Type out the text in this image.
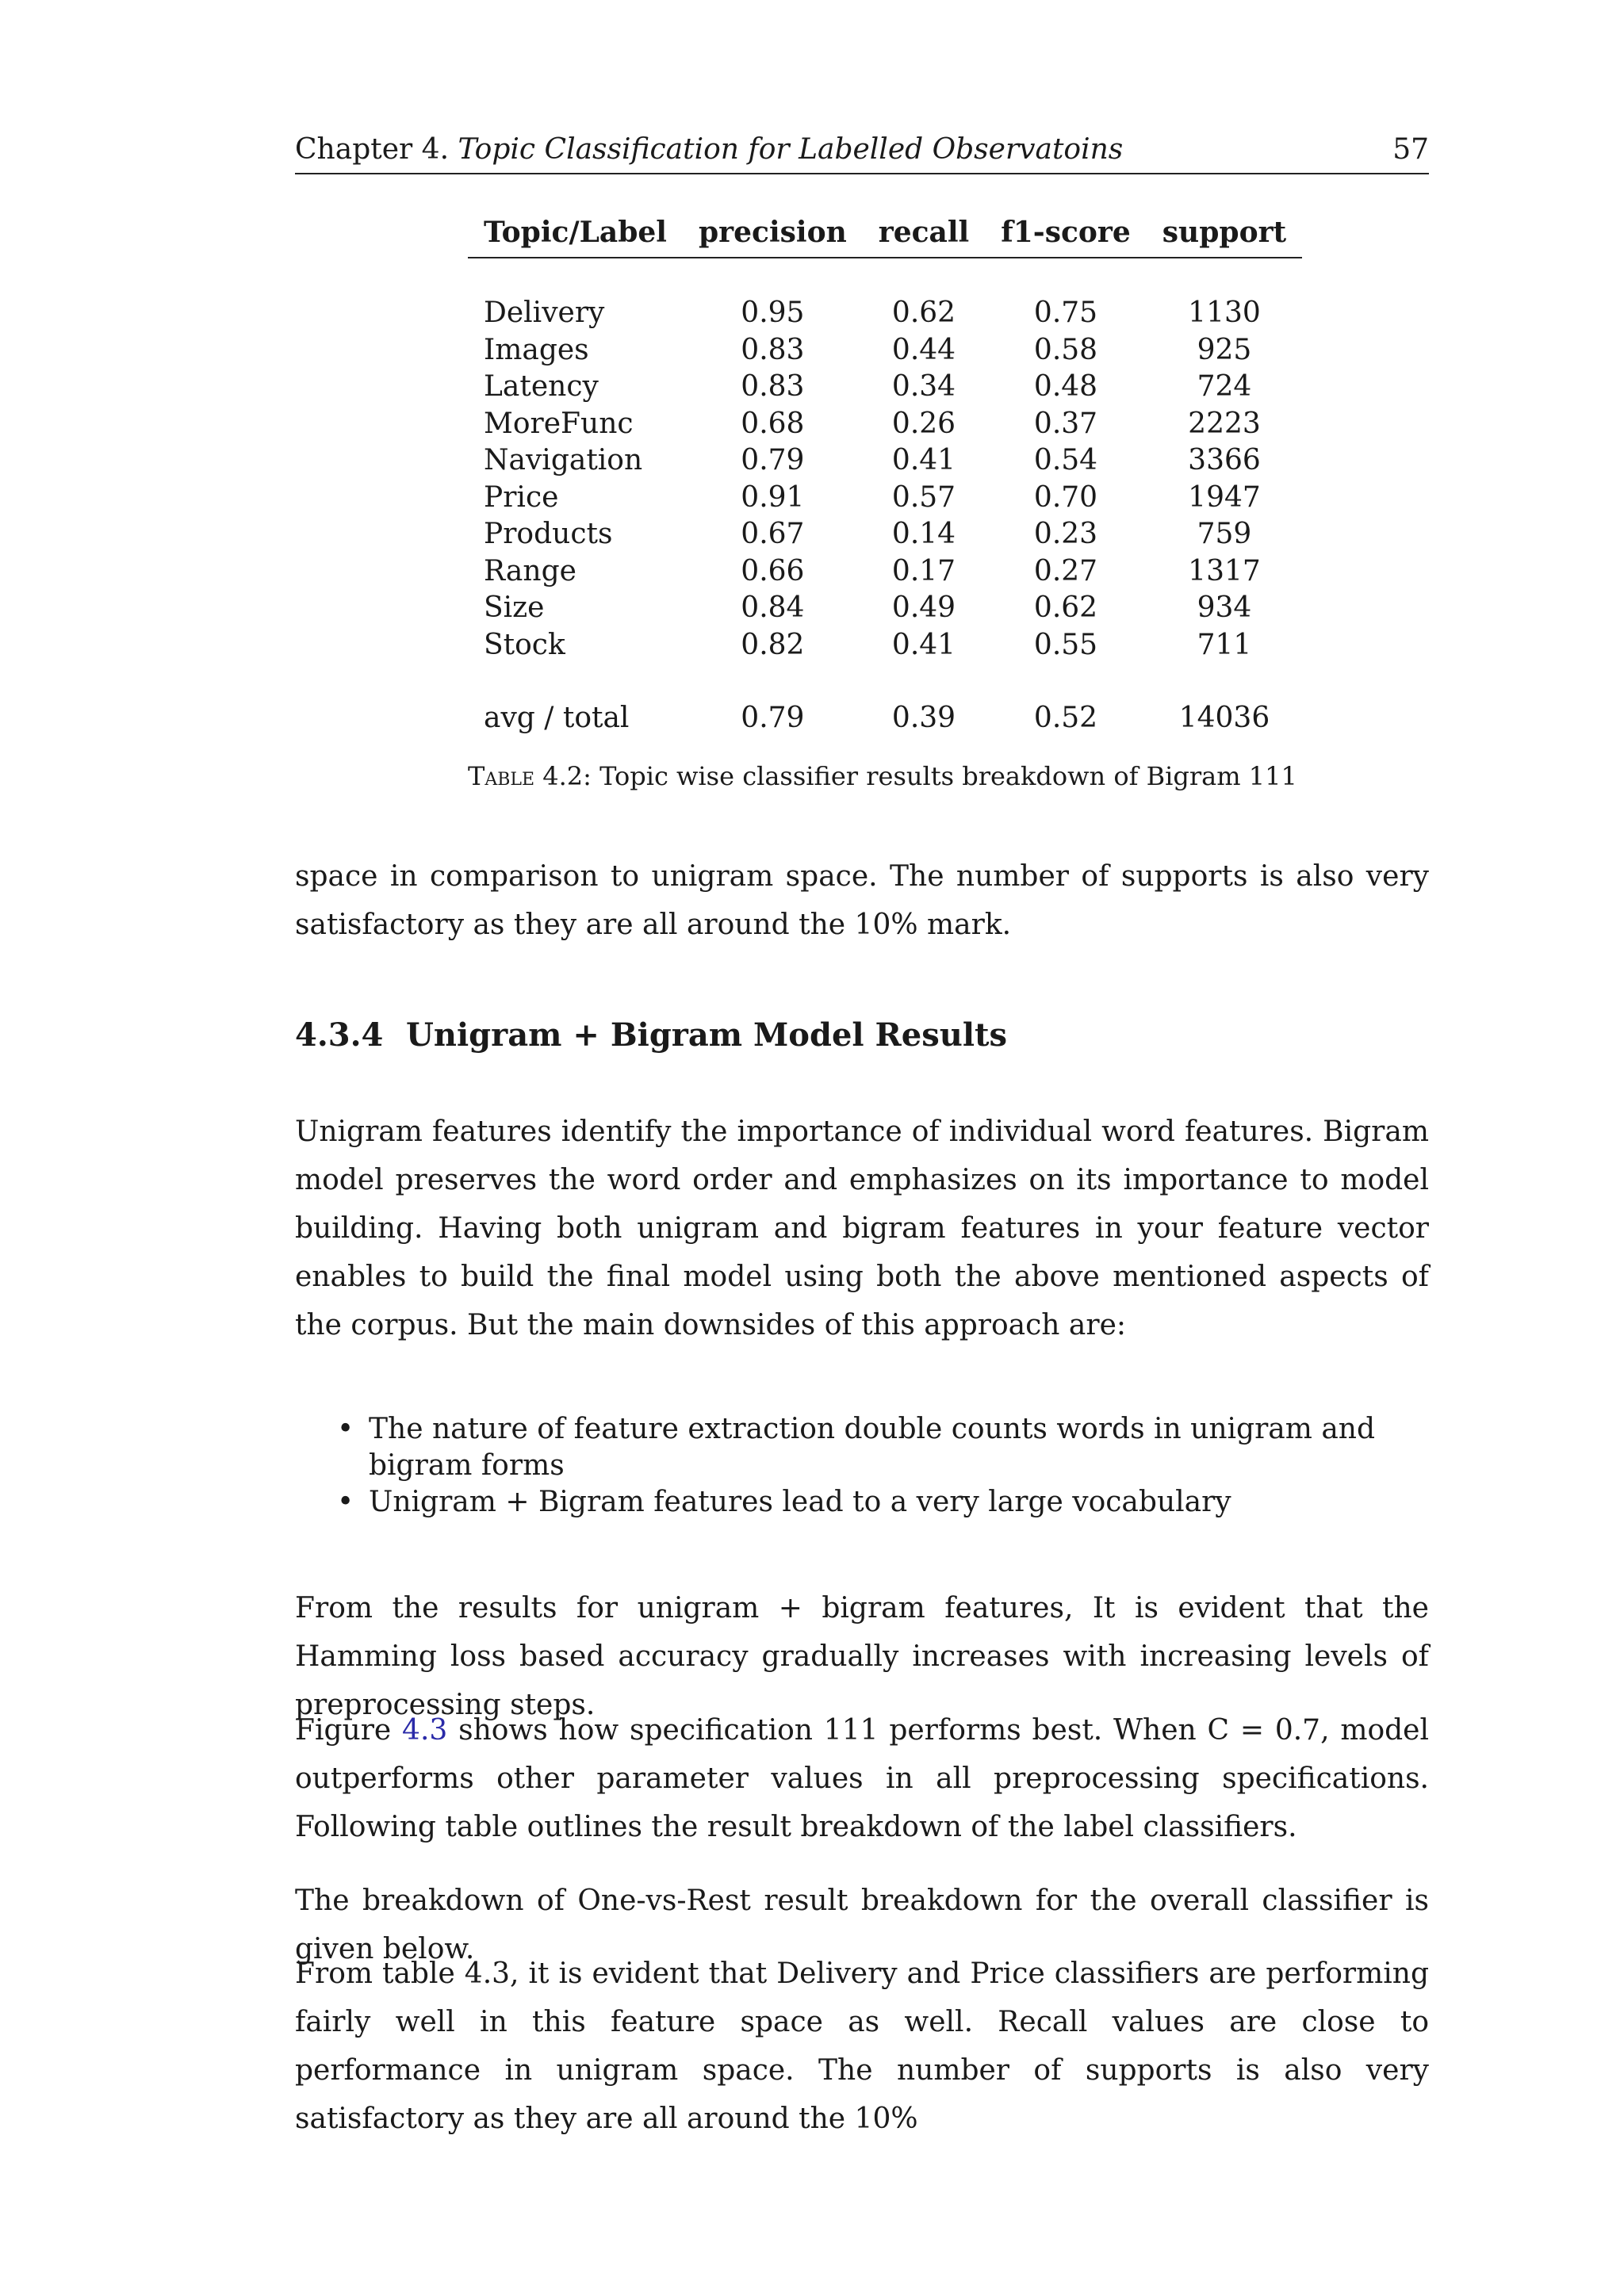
Chapter 4. Topic Classification for Labelled Observatoins	57
Topic/Label	precision	recall	f1-score	support

Delivery	0.95	0.62	0.75	1130
Images	0.83	0.44	0.58	925
Latency	0.83	0.34	0.48	724
MoreFunc	0.68	0.26	0.37	2223
Navigation	0.79	0.41	0.54	3366
Price	0.91	0.57	0.70	1947
Products	0.67	0.14	0.23	759
Range	0.66	0.17	0.27	1317
Size	0.84	0.49	0.62	934
Stock	0.82	0.41	0.55	711

avg / total	0.79	0.39	0.52	14036
Table 4.2: Topic wise classifier results breakdown of Bigram 111
space in comparison to unigram space. The number of supports is also very satisfactory as they are all around the 10% mark.
4.3.4 Unigram + Bigram Model Results
Unigram features identify the importance of individual word features. Bigram model preserves the word order and emphasizes on its importance to model building. Having both unigram and bigram features in your feature vector enables to build the final model using both the above mentioned aspects of the corpus. But the main downsides of this approach are:
• The nature of feature extraction double counts words in unigram and bigram forms
• Unigram + Bigram features lead to a very large vocabulary
From the results for unigram + bigram features, It is evident that the Hamming loss based accuracy gradually increases with increasing levels of preprocessing steps.
Figure 4.3 shows how specification 111 performs best. When C = 0.7, model outperforms other parameter values in all preprocessing specifications. Following table outlines the result breakdown of the label classifiers.
The breakdown of One-vs-Rest result breakdown for the overall classifier is given below.
From table 4.3, it is evident that Delivery and Price classifiers are performing fairly well in this feature space as well. Recall values are close to performance in unigram space. The number of supports is also very satisfactory as they are all around the 10%
